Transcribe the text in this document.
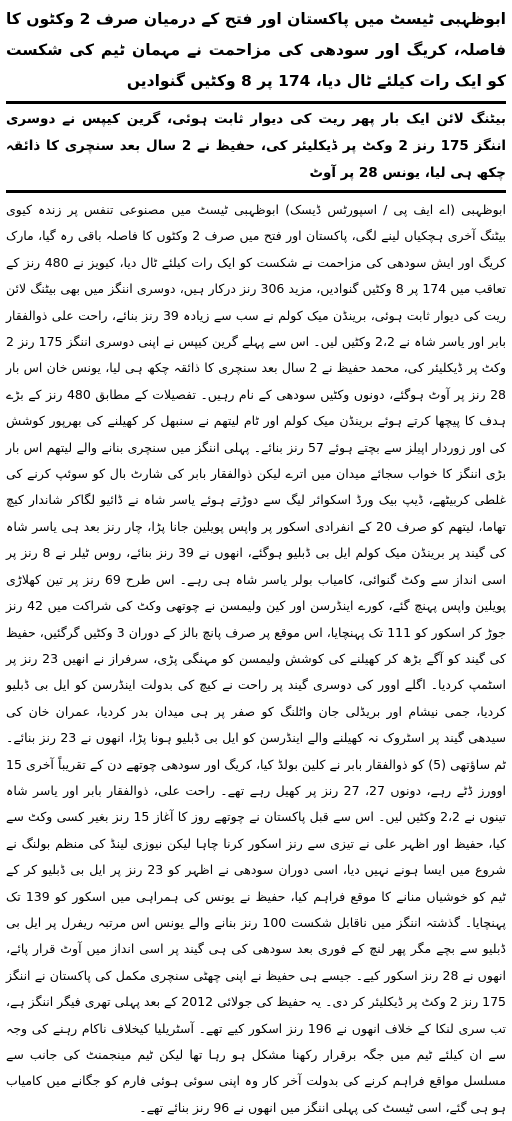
ابوظہبی ٹیسٹ میں پاکستان اور فتح کے درمیان صرف 2 وکٹوں کا فاصلہ، کریگ اور سودھی کی مزاحمت نے مہمان ٹیم کی شکست کو ایک رات کیلئے ٹال دیا، 174 پر 8 وکٹیں گنوادیں
بیٹنگ لائن ایک بار پھر ریت کی دیوار ثابت ہوئی، گرین کیپس نے دوسری اننگز 175 رنز 2 وکٹ پر ڈیکلیئر کی، حفیظ نے 2 سال بعد سنچری کا ذائقہ چکھ ہی لیا، یونس 28 پر آوٹ

ابوظہبی (اے ایف پی / اسپورٹس ڈیسک) ابوظہبی ٹیسٹ میں مصنوعی تنفس پر زندہ کیوی بیٹنگ آخری ہچکیاں لینے لگی، پاکستان اور فتح میں صرف 2 وکٹوں کا فاصلہ باقی رہ گیا، مارک کریگ اور ایش سودھی کی مزاحمت نے شکست کو ایک رات کیلئے ٹال دیا، کیویز نے 480 رنز کے تعاقب میں 174 پر 8 وکٹیں گنوادیں، مزید 306 رنز درکار ہیں، دوسری اننگز میں بھی بیٹنگ لائن ریت کی دیوار ثابت ہوئی، برینڈن میک کولم نے سب سے زیادہ 39 رنز بنائے، راحت علی ذوالفقار بابر اور یاسر شاہ نے 2،2 وکٹیں لیں۔ اس سے پہلے گرین کیپس نے اپنی دوسری اننگز 175 رنز 2 وکٹ پر ڈیکلیئر کی، محمد حفیظ نے 2 سال بعد سنچری کا ذائقہ چکھ ہی لیا، یونس خان اس بار 28 رنز پر آوٹ ہوگئے، دونوں وکٹیں سودھی کے نام رہیں۔ تفصیلات کے مطابق 480 رنز کے بڑے ہدف کا پیچھا کرتے ہوئے برینڈن میک کولم اور ٹام لیتھم نے سنبھل کر کھیلنے کی بھرپور کوشش کی اور زوردار اپیلز سے بچتے ہوئے 57 رنز بنائے۔ پہلی اننگز میں سنچری بنانے والے لیتھم اس بار بڑی اننگز کا خواب سجائے میدان میں اترے لیکن ذوالفقار بابر کی شارٹ بال کو سوئپ کرنے کی غلطی کربیٹھے، ڈیپ بیک ورڈ اسکوائر لیگ سے دوڑتے ہوئے یاسر شاہ نے ڈائیو لگاکر شاندار کیچ تھاما، لیتھم کو صرف 20 کے انفرادی اسکور پر واپس پویلین جانا پڑا، چار رنز بعد ہی یاسر شاہ کی گیند پر برینڈن میک کولم ایل بی ڈبلیو ہوگئے، انھوں نے 39 رنز بنائے، روس ٹیلر نے 8 رنز پر اسی انداز سے وکٹ گنوائی، کامیاب بولر یاسر شاہ ہی رہے۔ اس طرح 69 رنز پر تین کھلاڑی پویلین واپس پہنچ گئے، کورے اینڈرسن اور کین ولیمسن نے چوتھی وکٹ کی شراکت میں 42 رنز جوڑ کر اسکور کو 111 تک پہنچایا، اس موقع پر صرف پانچ بالز کے دوران 3 وکٹیں گرگئیں، حفیظ کی گیند کو آگے بڑھ کر کھیلنے کی کوشش ولیمسن کو مہنگی پڑی، سرفراز نے انھیں 23 رنز پر اسٹمپ کردیا۔ اگلے اوور کی دوسری گیند پر راحت نے کیچ کی بدولت اینڈرسن کو ایل بی ڈبلیو کردیا، جمی نیشام اور بریڈلی جان واٹلنگ کو صفر پر ہی میدان بدر کردیا، عمران خان کی سیدھی گیند پر اسٹروک نہ کھیلنے والے اینڈرسن کو ایل بی ڈبلیو ہونا پڑا، انھوں نے 23 رنز بنائے۔ ٹم ساؤتھی (5) کو ذوالفقار بابر نے کلین بولڈ کیا، کریگ اور سودھی چوتھے دن کے تقریباً آخری 15 اوورز ڈٹے رہے، دونوں 27، 27 رنز پر کھیل رہے تھے۔ راحت علی، ذوالفقار بابر اور یاسر شاہ تینوں نے 2،2 وکٹیں لیں۔ اس سے قبل پاکستان نے چوتھے روز کا آغاز 15 رنز بغیر کسی وکٹ سے کیا، حفیظ اور اظہر علی نے تیزی سے رنز اسکور کرنا چاہا لیکن نیوزی لینڈ کی منظم بولنگ نے شروع میں ایسا ہونے نہیں دیا، اسی دوران سودھی نے اظہر کو 23 رنز پر ایل بی ڈبلیو کر کے ٹیم کو خوشیاں منانے کا موقع فراہم کیا، حفیظ نے یونس کی ہمراہی میں اسکور کو 139 تک پہنچایا۔ گذشتہ اننگز میں ناقابل شکست 100 رنز بنانے والے یونس اس مرتبہ ریفرل پر ایل بی ڈبلیو سے بچے مگر پھر لنچ کے فوری بعد سودھی کی ہی گیند پر اسی انداز میں آوٹ قرار پائے، انھوں نے 28 رنز اسکور کیے۔ جیسے ہی حفیظ نے اپنی چھٹی سنچری مکمل کی پاکستان نے اننگز 175 رنز 2 وکٹ پر ڈیکلیئر کر دی۔ یہ حفیظ کی جولائی 2012 کے بعد پہلی تھری فیگر اننگز ہے، تب سری لنکا کے خلاف انھوں نے 196 رنز اسکور کیے تھے۔ آسٹریلیا کیخلاف ناکام رہنے کی وجہ سے ان کیلئے ٹیم میں جگہ برقرار رکھنا مشکل ہو رہا تھا لیکن ٹیم مینجمنٹ کی جانب سے مسلسل مواقع فراہم کرنے کی بدولت آخر کار وہ اپنی سوئی ہوئی فارم کو جگانے میں کامیاب ہو ہی گئے، اسی ٹیسٹ کی پہلی اننگز میں انھوں نے 96 رنز بنائے تھے۔
